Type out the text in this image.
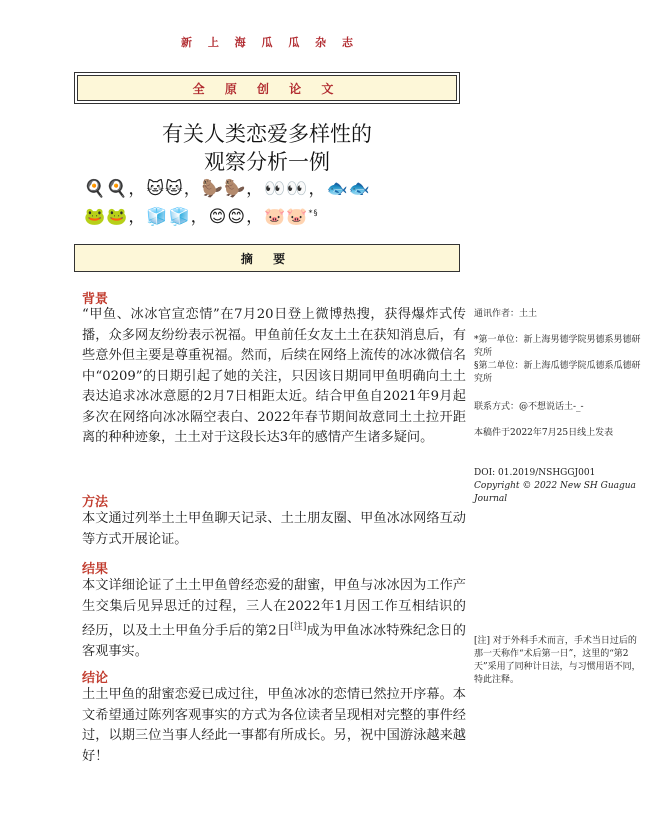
新 上 海 瓜 瓜 杂 志
全 原 创 论 文
有关人类恋爱多样性的
观察分析一例
🍳🍳，🐱🐱，🦫🦫，👀👀，🐟🐟
🐸🐸，🧊🧊，😊😊，🐷🐷*§
摘 要
背景
“甲鱼、冰冰官宣恋情”在7月20日登上微博热搜，获得爆炸式传播，众多网友纷纷表示祝福。甲鱼前任女友土土在获知消息后，有些意外但主要是尊重祝福。然而，后续在网络上流传的冰冰微信名中“0209”的日期引起了她的关注，只因该日期同甲鱼明确向土土表达追求冰冰意愿的2月7日相距太近。结合甲鱼自2021年9月起多次在网络向冰冰隔空表白、2022年春节期间故意同土土拉开距离的种种迹象，土土对于这段长达3年的感情产生诸多疑问。
方法
本文通过列举土土甲鱼聊天记录、土土朋友圈、甲鱼冰冰网络互动等方式开展论证。
结果
本文详细论证了土土甲鱼曾经恋爱的甜蜜，甲鱼与冰冰因为工作产生交集后见异思迁的过程，三人在2022年1月因工作互相结识的经历，以及土土甲鱼分手后的第2日[注]成为甲鱼冰冰特殊纪念日的客观事实。
结论
土土甲鱼的甜蜜恋爱已成过往，甲鱼冰冰的恋情已然拉开序幕。本文希望通过陈列客观事实的方式为各位读者呈现相对完整的事件经过，以期三位当事人经此一事都有所成长。另，祝中国游泳越来越好！
通讯作者：土土
*第一单位：新上海男德学院男德系男德研究所
§第二单位：新上海瓜德学院瓜德系瓜德研究所
联系方式：@不想说话土-_-
本稿件于2022年7月25日线上发表
DOI: 01.2019/NSHGGJ001
Copyright © 2022 New SH Guagua Journal
[注] 对于外科手术而言，手术当日过后的那一天称作“术后第一日”，这里的“第2天”采用了同种计日法，与习惯用语不同，特此注释。
